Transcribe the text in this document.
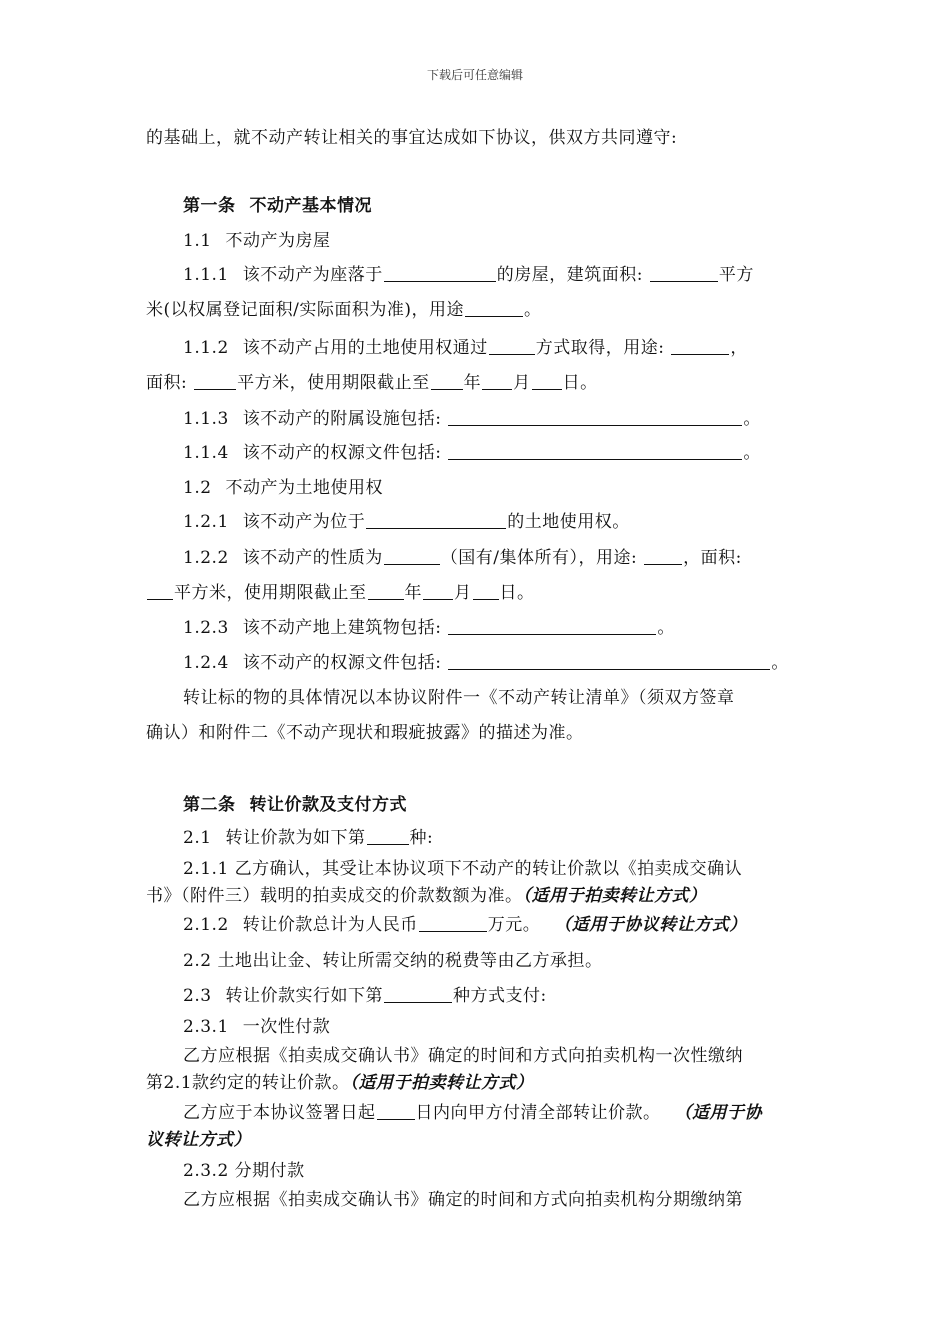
下载后可任意编辑
的基础上，就不动产转让相关的事宜达成如下协议，供双方共同遵守:
第一条 不动产基本情况
1.1 不动产为房屋
1.1.1 该不动产为座落于	的房屋，建筑面积:	平方
米(以权属登记面积/实际面积为准)，用途	。
1.1.2 该不动产占用的土地使用权通过	方式取得，用途:	，
面积:	平方米，使用期限截止至 年 月 日。
1.1.3 该不动产的附属设施包括:	。
1.1.4 该不动产的权源文件包括:	。
1.2 不动产为土地使用权
1.2.1 该不动产为位于	的土地使用权。
1.2.2 该不动产的性质为	（国有/集体所有），用途:	，面积:
平方米，使用期限截止至 年 月 日。
1.2.3 该不动产地上建筑物包括:	。
1.2.4 该不动产的权源文件包括:	。
转让标的物的具体情况以本协议附件一《不动产转让清单》（须双方签章
确认）和附件二《不动产现状和瑕疵披露》的描述为准。
第二条 转让价款及支付方式
2.1 转让价款为如下第	种:
2.1.1 乙方确认，其受让本协议项下不动产的转让价款以《拍卖成交确认
书》（附件三）载明的拍卖成交的价款数额为准。（适用于拍卖转让方式）
2.1.2 转让价款总计为人民币	万元。 （适用于协议转让方式）
2.2 土地出让金、转让所需交纳的税费等由乙方承担。
2.3 转让价款实行如下第	种方式支付:
2.3.1 一次性付款
乙方应根据《拍卖成交确认书》确定的时间和方式向拍卖机构一次性缴纳
第2.1款约定的转让价款。（适用于拍卖转让方式）
乙方应于本协议签署日起 日内向甲方付清全部转让价款。 （适用于协
议转让方式）
2.3.2 分期付款
乙方应根据《拍卖成交确认书》确定的时间和方式向拍卖机构分期缴纳第
